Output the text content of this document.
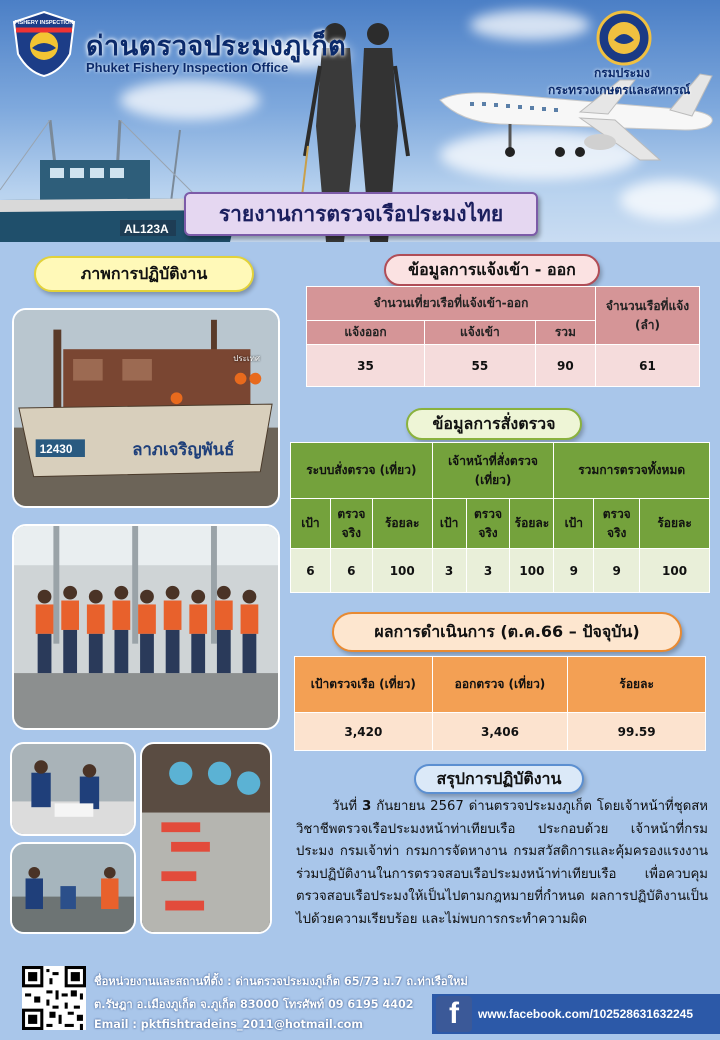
AL123A
FISHERY INSPECTION
ด่านตรวจประมงภูเก็ต
Phuket Fishery Inspection Office	กรมประมง
กระทรวงเกษตรและสหกรณ์
รายงานการตรวจเรือประมงไทย
ภาพการปฏิบัติงาน
12430	ลาภเจริญพันธ์
ประเทศ
ข้อมูลการแจ้งเข้า - ออก
จำนวนเที่ยวเรือที่แจ้งเข้า-ออก			จำนวนเรือที่แจ้ง (ลำ)
แจ้งออก	แจ้งเข้า	รวม	
35	55	90	61
ข้อมูลการสั่งตรวจ
ระบบสั่งตรวจ (เที่ยว)			เจ้าหน้าที่สั่งตรวจ (เที่ยว)			รวมการตรวจทั้งหมด		
เป้า	ตรวจจริง	ร้อยละ	เป้า	ตรวจจริง	ร้อยละ	เป้า	ตรวจจริง	ร้อยละ
6	6	100	3	3	100	9	9	100
ผลการดำเนินการ (ต.ค.66 – ปัจจุบัน)
เป้าตรวจเรือ (เที่ยว)	ออกตรวจ (เที่ยว)	ร้อยละ
3,420	3,406	99.59
สรุปการปฏิบัติงาน
วันที่ 3 กันยายน 2567 ด่านตรวจประมงภูเก็ต โดยเจ้าหน้าที่ชุดสหวิชาชีพตรวจเรือประมงหน้าท่าเทียบเรือ ประกอบด้วย เจ้าหน้าที่กรมประมง กรมเจ้าท่า กรมการจัดหางาน กรมสวัสดิการและคุ้มครองแรงงาน ร่วมปฏิบัติงานในการตรวจสอบเรือประมงหน้าท่าเทียบเรือ เพื่อควบคุมตรวจสอบเรือประมงให้เป็นไปตามกฎหมายที่กำหนด ผลการปฏิบัติงานเป็นไปด้วยความเรียบร้อย และไม่พบการกระทำความผิด
ชื่อหน่วยงานและสถานที่ตั้ง : ด่านตรวจประมงภูเก็ต 65/73 ม.7 ถ.ท่าเรือใหม่
ต.รัษฎา อ.เมืองภูเก็ต จ.ภูเก็ต 83000 โทรศัพท์ 09 6195 4402
Email : pktfishtradeins_2011@hotmail.com	f	www.facebook.com/102528631632245
